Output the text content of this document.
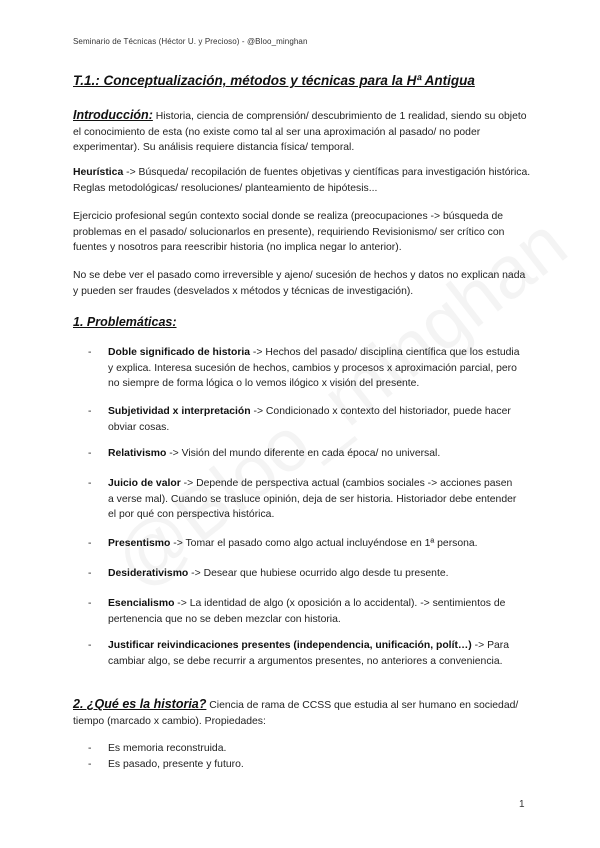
Seminario de Técnicas (Héctor U. y Precioso) - @Bloo_minghan
T.1.: Conceptualización, métodos y técnicas para la Hª Antigua
Introducción: Historia, ciencia de comprensión/ descubrimiento de 1 realidad, siendo su objeto el conocimiento de esta (no existe como tal al ser una aproximación al pasado/ no poder experimentar). Su análisis requiere distancia física/ temporal.
Heurística -> Búsqueda/ recopilación de fuentes objetivas y científicas para investigación histórica. Reglas metodológicas/ resoluciones/ planteamiento de hipótesis...
Ejercicio profesional según contexto social donde se realiza (preocupaciones -> búsqueda de problemas en el pasado/ solucionarlos en presente), requiriendo Revisionismo/ ser crítico con fuentes y nosotros para reescribir historia (no implica negar lo anterior).
No se debe ver el pasado como irreversible y ajeno/ sucesión de hechos y datos no explican nada y pueden ser fraudes (desvelados x métodos y técnicas de investigación).
1. Problemáticas:
- Doble significado de historia -> Hechos del pasado/ disciplina científica que los estudia y explica. Interesa sucesión de hechos, cambios y procesos x aproximación parcial, pero no siempre de forma lógica o lo vemos ilógico x visión del presente.
- Subjetividad x interpretación -> Condicionado x contexto del historiador, puede hacer obviar cosas.
- Relativismo -> Visión del mundo diferente en cada época/ no universal.
- Juicio de valor -> Depende de perspectiva actual (cambios sociales -> acciones pasen a verse mal). Cuando se trasluce opinión, deja de ser historia. Historiador debe entender el por qué con perspectiva histórica.
- Presentismo -> Tomar el pasado como algo actual incluyéndose en 1ª persona.
- Desiderativismo -> Desear que hubiese ocurrido algo desde tu presente.
- Esencialismo -> La identidad de algo (x oposición a lo accidental). -> sentimientos de pertenencia que no se deben mezclar con historia.
- Justificar reivindicaciones presentes (independencia, unificación, polít…) -> Para cambiar algo, se debe recurrir a argumentos presentes, no anteriores a conveniencia.
2. ¿Qué es la historia? Ciencia de rama de CCSS que estudia al ser humano en sociedad/ tiempo (marcado x cambio). Propiedades:
- Es memoria reconstruida.
- Es pasado, presente y futuro.
1
